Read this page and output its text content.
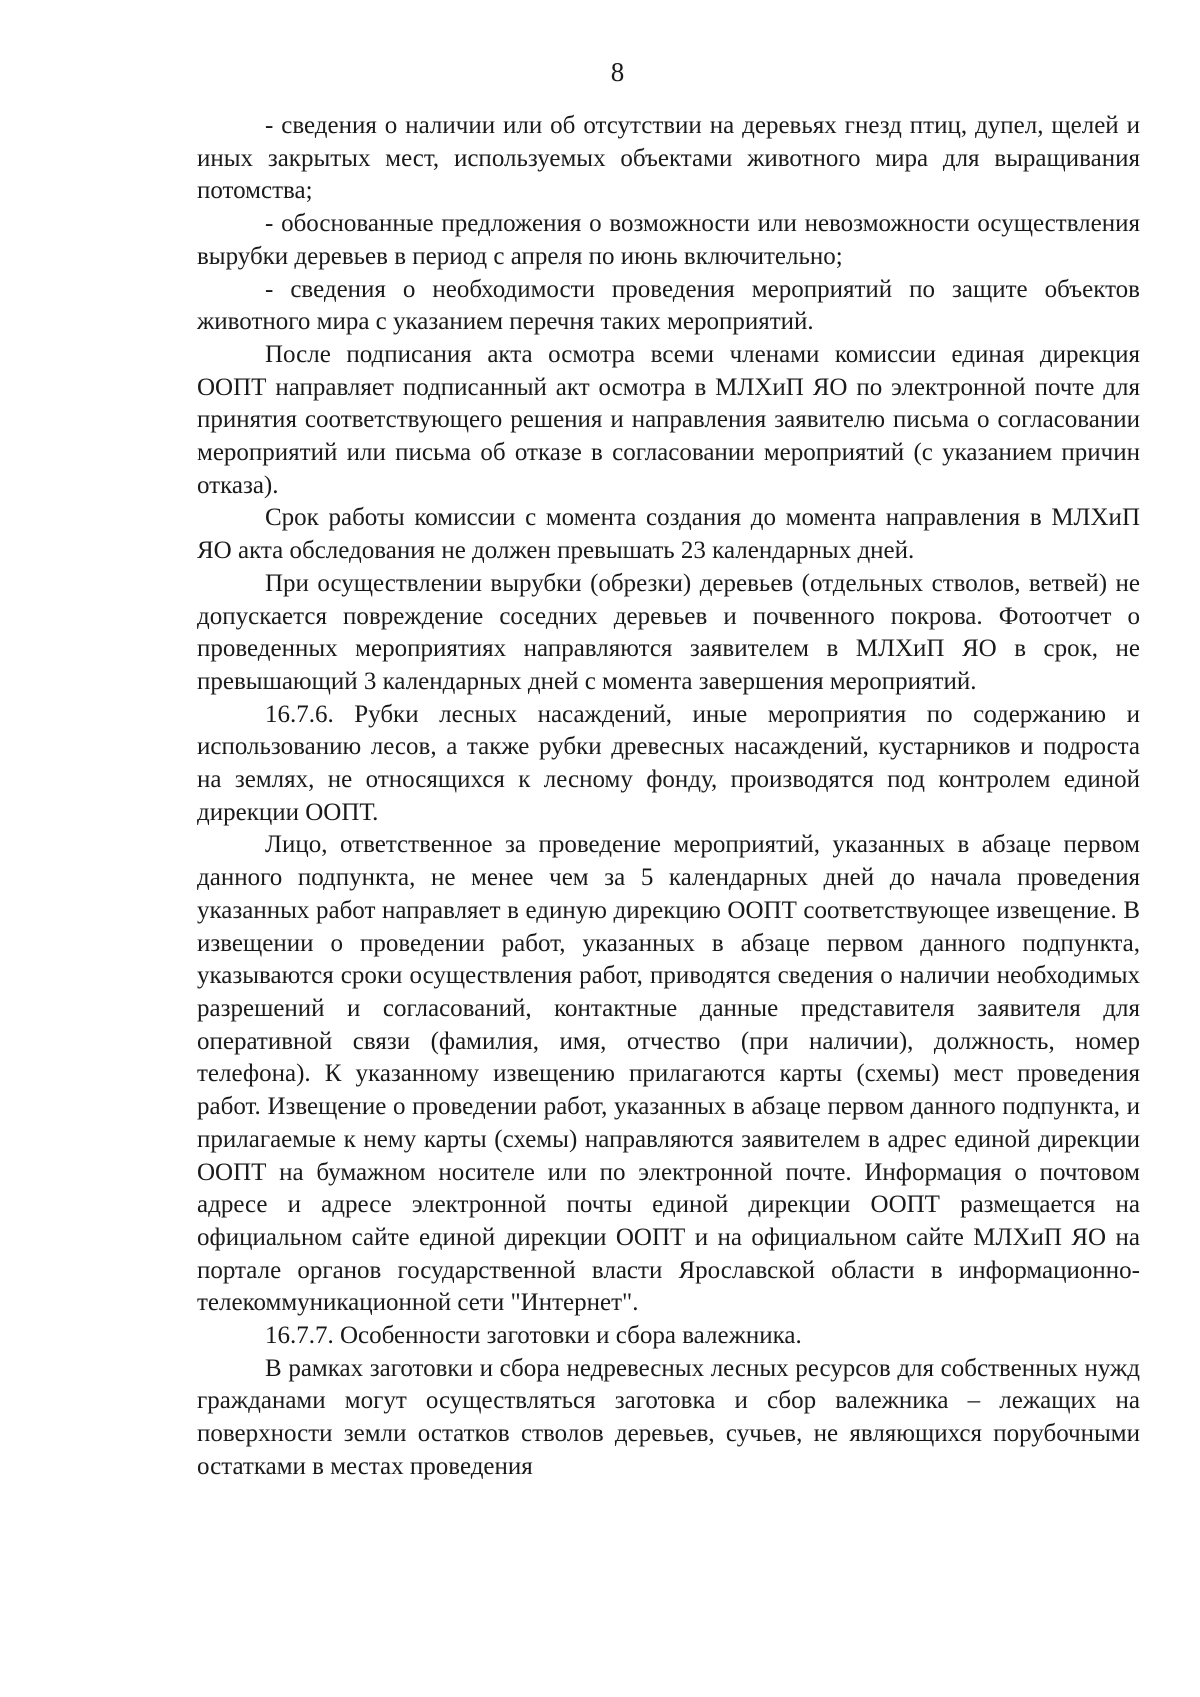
8

- сведения о наличии или об отсутствии на деревьях гнезд птиц, дупел, щелей и иных закрытых мест, используемых объектами животного мира для выращивания потомства;

- обоснованные предложения о возможности или невозможности осуществления вырубки деревьев в период с апреля по июнь включительно;

- сведения о необходимости проведения мероприятий по защите объектов животного мира с указанием перечня таких мероприятий.

После подписания акта осмотра всеми членами комиссии единая дирекция ООПТ направляет подписанный акт осмотра в МЛХиП ЯО по электронной почте для принятия соответствующего решения и направления заявителю письма о согласовании мероприятий или письма об отказе в согласовании мероприятий (с указанием причин отказа).

Срок работы комиссии с момента создания до момента направления в МЛХиП ЯО акта обследования не должен превышать 23 календарных дней.

При осуществлении вырубки (обрезки) деревьев (отдельных стволов, ветвей) не допускается повреждение соседних деревьев и почвенного покрова. Фотоотчет о проведенных мероприятиях направляются заявителем в МЛХиП ЯО в срок, не превышающий 3 календарных дней с момента завершения мероприятий.

16.7.6. Рубки лесных насаждений, иные мероприятия по содержанию и использованию лесов, а также рубки древесных насаждений, кустарников и подроста на землях, не относящихся к лесному фонду, производятся под контролем единой дирекции ООПТ.

Лицо, ответственное за проведение мероприятий, указанных в абзаце первом данного подпункта, не менее чем за 5 календарных дней до начала проведения указанных работ направляет в единую дирекцию ООПТ соответствующее извещение. В извещении о проведении работ, указанных в абзаце первом данного подпункта, указываются сроки осуществления работ, приводятся сведения о наличии необходимых разрешений и согласований, контактные данные представителя заявителя для оперативной связи (фамилия, имя, отчество (при наличии), должность, номер телефона). К указанному извещению прилагаются карты (схемы) мест проведения работ. Извещение о проведении работ, указанных в абзаце первом данного подпункта, и прилагаемые к нему карты (схемы) направляются заявителем в адрес единой дирекции ООПТ на бумажном носителе или по электронной почте. Информация о почтовом адресе и адресе электронной почты единой дирекции ООПТ размещается на официальном сайте единой дирекции ООПТ и на официальном сайте МЛХиП ЯО на портале органов государственной власти Ярославской области в информационно-телекоммуникационной сети "Интернет".

16.7.7. Особенности заготовки и сбора валежника.

В рамках заготовки и сбора недревесных лесных ресурсов для собственных нужд гражданами могут осуществляться заготовка и сбор валежника – лежащих на поверхности земли остатков стволов деревьев, сучьев, не являющихся порубочными остатками в местах проведения
